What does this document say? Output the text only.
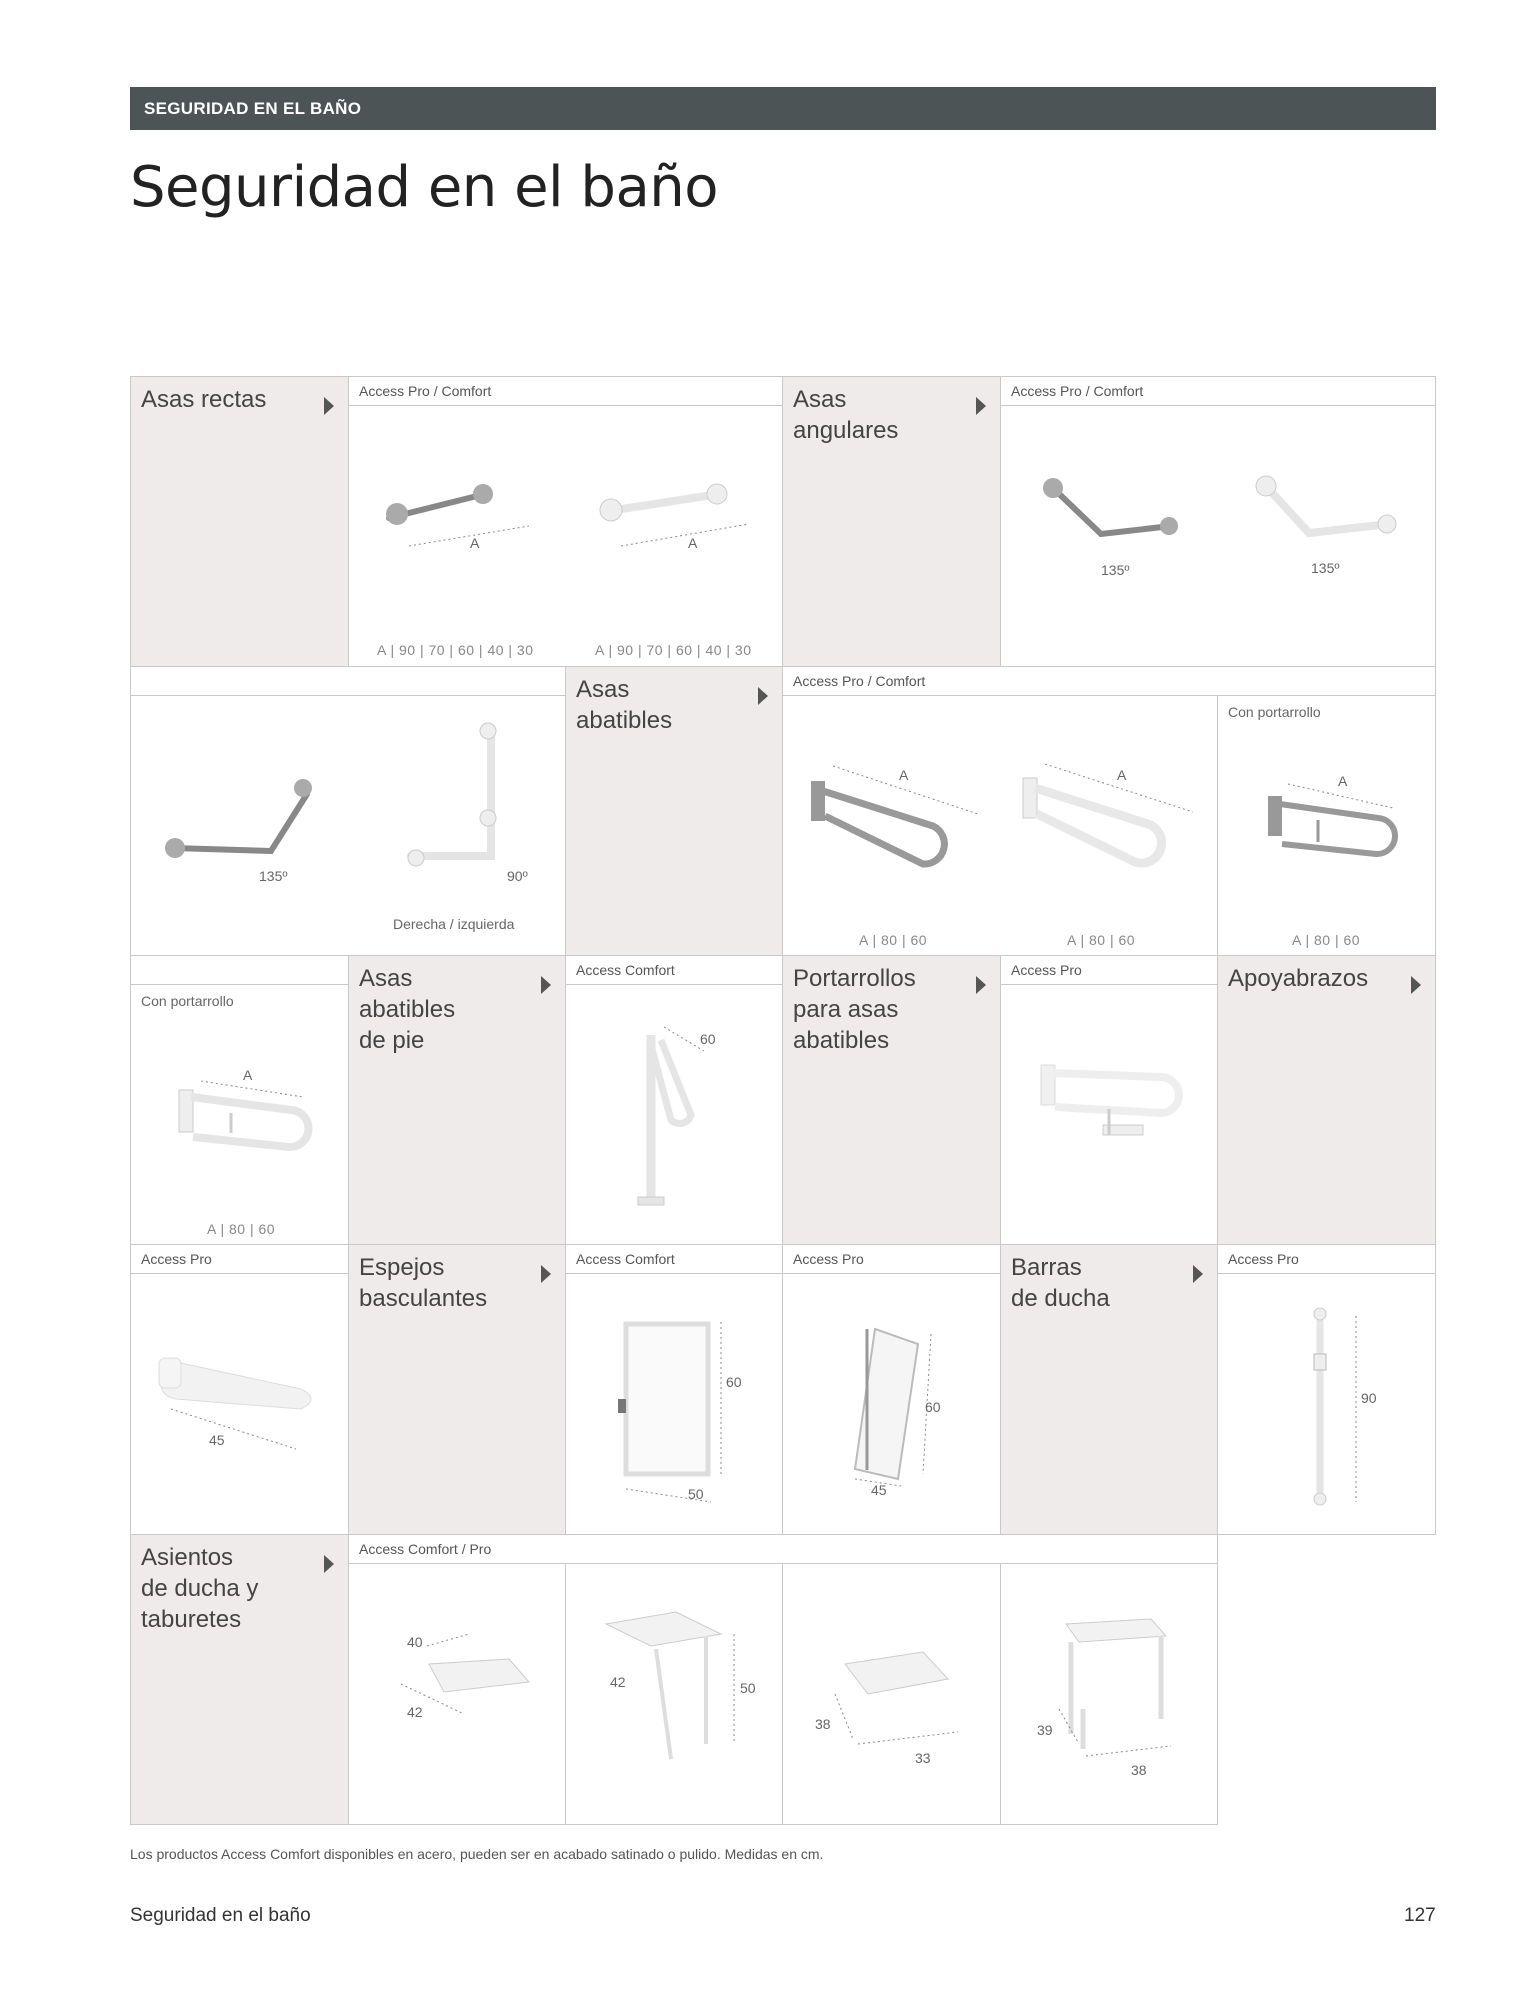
SEGURIDAD EN EL BAÑO
Seguridad en el baño
Asas rectas	Access Pro / Comfort
A	A
A | 90 | 70 | 60 | 40 | 30	A | 90 | 70 | 60 | 40 | 30
Asas
angulares
Access Pro / Comfort
135º	135º
135º	90º
Derecha / izquierda
Asas
abatibles
Access Pro / Comfort
A	A
A | 80 | 60	A | 80 | 60
Con portarrollo
A
A | 80 | 60
Con portarrollo
A
A | 80 | 60
Asas
abatibles
de pie
Access Comfort
60
Portarrollos
para asas
abatibles
Access Pro	Apoyabrazos
Access Pro
45
Espejos
basculantes
Access Comfort
60
50
Access Pro
60
45
Barras
de ducha
Access Pro
90
Asientos
de ducha y
taburetes
Access Comfort / Pro
40
42
42	50
38
33
39
38
Los productos Access Comfort disponibles en acero, pueden ser en acabado satinado o pulido. Medidas en cm.
Seguridad en el baño	127
